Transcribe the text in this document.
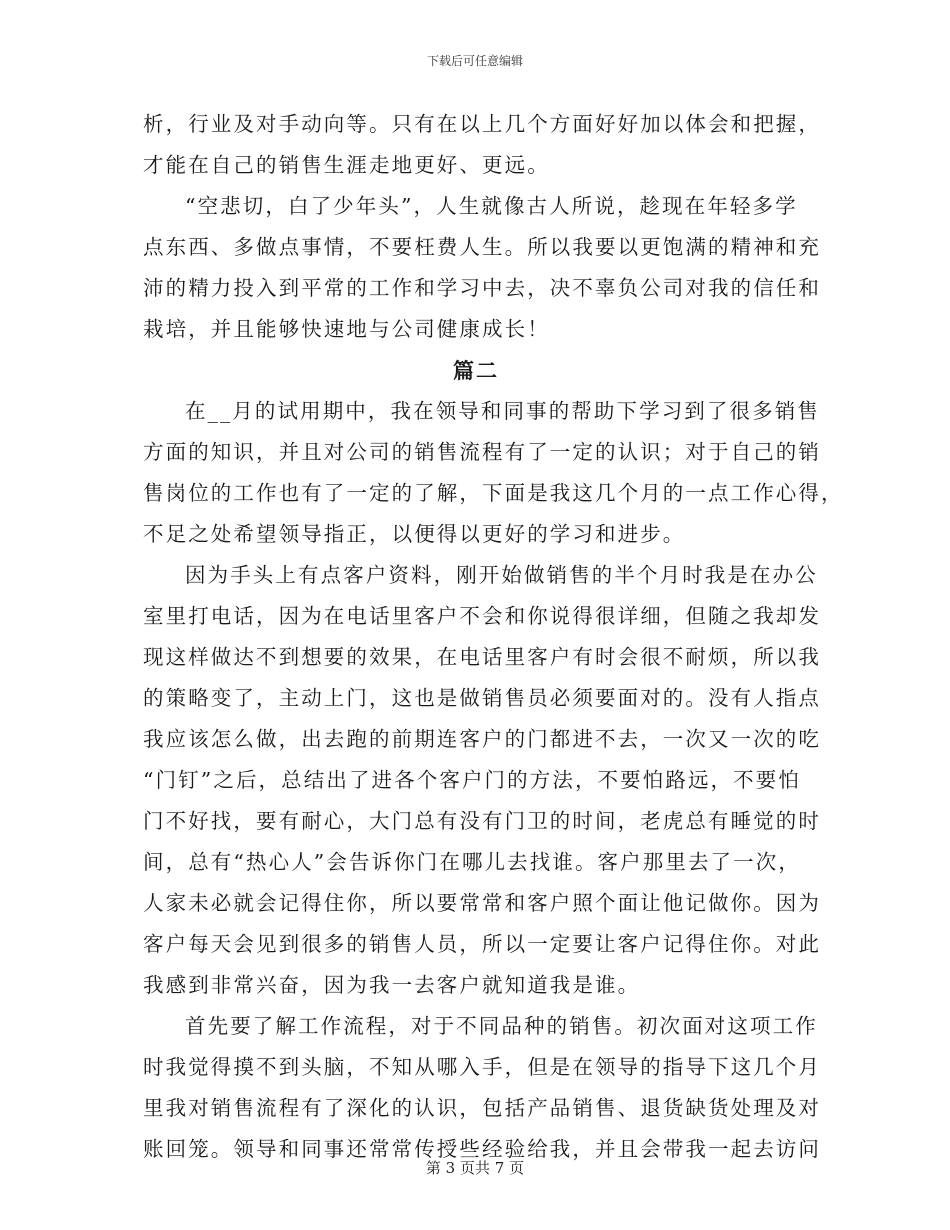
下载后可任意编辑
析，行业及对手动向等。只有在以上几个方面好好加以体会和把握，
才能在自己的销售生涯走地更好、更远。
“空悲切，白了少年头”，人生就像古人所说，趁现在年轻多学
点东西、多做点事情，不要枉费人生。所以我要以更饱满的精神和充
沛的精力投入到平常的工作和学习中去，决不辜负公司对我的信任和
栽培，并且能够快速地与公司健康成长！
篇二
在__月的试用期中，我在领导和同事的帮助下学习到了很多销售
方面的知识，并且对公司的销售流程有了一定的认识；对于自己的销
售岗位的工作也有了一定的了解，下面是我这几个月的一点工作心得，
不足之处希望领导指正，以便得以更好的学习和进步。
因为手头上有点客户资料，刚开始做销售的半个月时我是在办公
室里打电话，因为在电话里客户不会和你说得很详细，但随之我却发
现这样做达不到想要的效果，在电话里客户有时会很不耐烦，所以我
的策略变了，主动上门，这也是做销售员必须要面对的。没有人指点
我应该怎么做，出去跑的前期连客户的门都进不去，一次又一次的吃
“门钉”之后，总结出了进各个客户门的方法，不要怕路远，不要怕
门不好找，要有耐心，大门总有没有门卫的时间，老虎总有睡觉的时
间，总有“热心人”会告诉你门在哪儿去找谁。客户那里去了一次，
人家未必就会记得住你，所以要常常和客户照个面让他记做你。因为
客户每天会见到很多的销售人员，所以一定要让客户记得住你。对此
我感到非常兴奋，因为我一去客户就知道我是谁。
首先要了解工作流程，对于不同品种的销售。初次面对这项工作
时我觉得摸不到头脑，不知从哪入手，但是在领导的指导下这几个月
里我对销售流程有了深化的认识，包括产品销售、退货缺货处理及对
账回笼。领导和同事还常常传授些经验给我，并且会带我一起去访问
第 3 页共 7 页
